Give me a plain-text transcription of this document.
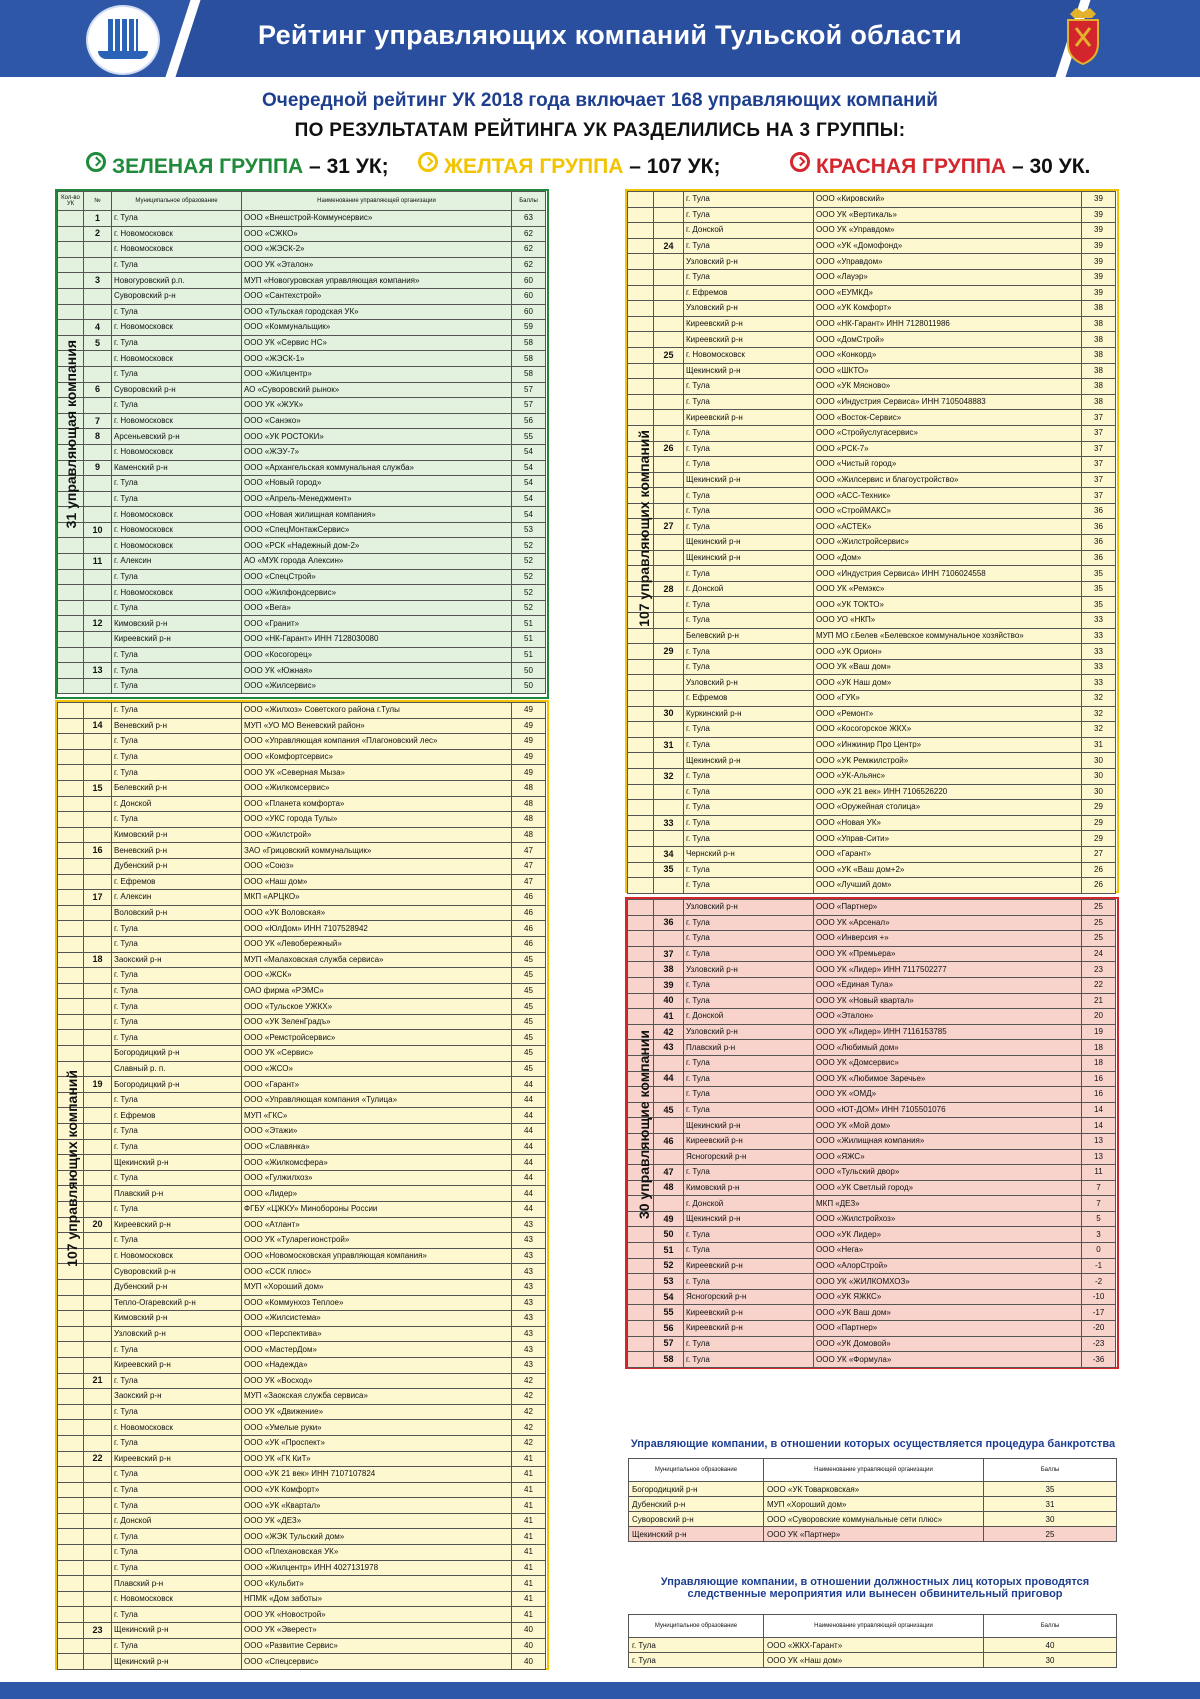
Рейтинг управляющих компаний Тульской области
Очередной рейтинг УК 2018 года включает 168 управляющих компаний
ПО РЕЗУЛЬТАТАМ РЕЙТИНГА УК РАЗДЕЛИЛИСЬ НА 3 ГРУППЫ:
ЗЕЛЕНАЯ ГРУППА – 31 УК;	ЖЕЛТАЯ ГРУППА – 107 УК;	КРАСНАЯ ГРУППА – 30 УК.
Кол-во УК	№	Муниципальное образование	Наименование управляющей организации	Баллы
	1	г. Тула	ООО «Внешстрой-Коммунсервис»	63
	2	г. Новомосковск	ООО «СЖКО»	62
		г. Новомосковск	ООО «ЖЭСК-2»	62
		г. Тула	ООО УК «Эталон»	62
	3	Новогуровский р.п.	МУП «Новогуровская управляющая компания»	60
		Суворовский р-н	ООО «Сантехстрой»	60
		г. Тула	ООО «Тульская городская УК»	60
	4	г. Новомосковск	ООО «Коммунальщик»	59
	5	г. Тула	ООО УК «Сервис НС»	58
		г. Новомосковск	ООО «ЖЭСК-1»	58
		г. Тула	ООО «Жилцентр»	58
	6	Суворовский р-н	АО «Суворовский рынок»	57
		г. Тула	ООО УК «ЖУК»	57
	7	г. Новомосковск	ООО «Санэко»	56
	8	Арсеньевский р-н	ООО «УК РОСТОКИ»	55
		г. Новомосковск	ООО «ЖЭУ-7»	54
	9	Каменский р-н	ООО «Архангельская коммунальная служба»	54
		г. Тула	ООО «Новый город»	54
		г. Тула	ООО «Апрель-Менеджмент»	54
		г. Новомосковск	ООО «Новая жилищная компания»	54
	10	г. Новомосковск	ООО «СпецМонтажСервис»	53
		г. Новомосковск	ООО «РСК «Надежный дом-2»	52
	11	г. Алексин	АО «МУК города Алексин»	52
		г. Тула	ООО «СпецСтрой»	52
		г. Новомосковск	ООО «Жилфондсервис»	52
		г. Тула	ООО «Вега»	52
	12	Кимовский р-н	ООО «Гранит»	51
		Киреевский р-н	ООО «НК-Гарант» ИНН 7128030080	51
		г. Тула	ООО «Косогорец»	51
	13	г. Тула	ООО УК «Южная»	50
		г. Тула	ООО «Жилсервис»	50
31 управляющая компания
		г. Тула	ООО «Жилхоз» Советского района г.Тулы	49
	14	Веневский р-н	МУП «УО МО Веневский район»	49
		г. Тула	ООО «Управляющая компания «Плагоновский лес»	49
		г. Тула	ООО «Комфортсервис»	49
		г. Тула	ООО УК «Северная Мыза»	49
	15	Белевский р-н	ООО «Жилкомсервис»	48
		г. Донской	ООО «Планета комфорта»	48
		г. Тула	ООО «УКС города Тулы»	48
		Кимовский р-н	ООО «Жилстрой»	48
	16	Веневский р-н	ЗАО «Грицовский коммунальщик»	47
		Дубенский р-н	ООО «Союз»	47
		г. Ефремов	ООО «Наш дом»	47
	17	г. Алексин	МКП «АРЦКО»	46
		Воловский р-н	ООО «УК Воловская»	46
		г. Тула	ООО «ЮлДом» ИНН 7107528942	46
		г. Тула	ООО УК «Левобережный»	46
	18	Заокский р-н	МУП «Малаховская служба сервиса»	45
		г. Тула	ООО «ЖСК»	45
		г. Тула	ОАО фирма «РЭМС»	45
		г. Тула	ООО «Тульское УЖКХ»	45
		г. Тула	ООО «УК ЗеленГрадъ»	45
		г. Тула	ООО «Ремстройсервис»	45
		Богородицкий р-н	ООО УК «Сервис»	45
		Славный р. п.	ООО «ЖСО»	45
	19	Богородицкий р-н	ООО «Гарант»	44
		г. Тула	ООО «Управляющая компания «Тулица»	44
		г. Ефремов	МУП «ГКС»	44
		г. Тула	ООО «Этажи»	44
		г. Тула	ООО «Славянка»	44
		Щекинский р-н	ООО «Жилкомсфера»	44
		г. Тула	ООО «Гулжилхоз»	44
		Плавский р-н	ООО «Лидер»	44
		г. Тула	ФГБУ «ЦЖКУ» Минобороны России	44
	20	Киреевский р-н	ООО «Атлант»	43
		г. Тула	ООО УК «Туларегионстрой»	43
		г. Новомосковск	ООО «Новомосковская управляющая компания»	43
		Суворовский р-н	ООО «ССК плюс»	43
		Дубенский р-н	МУП «Хороший дом»	43
		Тепло-Огаревский р-н	ООО «Коммунхоз Теплое»	43
		Кимовский р-н	ООО «Жилсистема»	43
		Узловский р-н	ООО «Перспектива»	43
		г. Тула	ООО «МастерДом»	43
		Киреевский р-н	ООО «Надежда»	43
	21	г. Тула	ООО УК «Восход»	42
		Заокский р-н	МУП «Заокская служба сервиса»	42
		г. Тула	ООО УК «Движение»	42
		г. Новомосковск	ООО «Умелые руки»	42
		г. Тула	ООО «УК «Проспект»	42
	22	Киреевский р-н	ООО УК «ГК КиТ»	41
		г. Тула	ООО «УК 21 век» ИНН 7107107824	41
		г. Тула	ООО «УК Комфорт»	41
		г. Тула	ООО «УК «Квартал»	41
		г. Донской	ООО УК «ДЕЗ»	41
		г. Тула	ООО «ЖЭК Тульский дом»	41
		г. Тула	ООО «Плехановская УК»	41
		г. Тула	ООО «Жилцентр» ИНН 4027131978	41
		Плавский р-н	ООО «Кульбит»	41
		г. Новомосковск	НПМК «Дом заботы»	41
		г. Тула	ООО УК «Новострой»	41
	23	Щекинский р-н	ООО УК «Эверест»	40
		г. Тула	ООО «Развитие Сервис»	40
		Щекинский р-н	ООО «Спецсервис»	40
107 управляющих компаний
		г. Тула	ООО «Кировский»	39
		г. Тула	ООО УК «Вертикаль»	39
		г. Донской	ООО УК «Управдом»	39
	24	г. Тула	ООО «УК «Домофонд»	39
		Узловский р-н	ООО «Управдом»	39
		г. Тула	ООО «Лауэр»	39
		г. Ефремов	ООО «ЕУМКД»	39
		Узловский р-н	ООО «УК Комфорт»	38
		Киреевский р-н	ООО «НК-Гарант» ИНН 7128011986	38
		Киреевский р-н	ООО «ДомСтрой»	38
	25	г. Новомосковск	ООО «Конкорд»	38
		Щекинский р-н	ООО «ШКТО»	38
		г. Тула	ООО «УК Мясново»	38
		г. Тула	ООО «Индустрия Сервиса» ИНН 7105048883	38
		Киреевский р-н	ООО «Восток-Сервис»	37
		г. Тула	ООО «Стройуслугасервис»	37
	26	г. Тула	ООО «РСК-7»	37
		г. Тула	ООО «Чистый город»	37
		Щекинский р-н	ООО «Жилсервис и благоустройство»	37
		г. Тула	ООО «АСС-Техник»	37
		г. Тула	ООО «СтройМАКС»	36
	27	г. Тула	ООО «АСТЕК»	36
		Щекинский р-н	ООО «Жилстройсервис»	36
		Щекинский р-н	ООО «Дом»	36
		г. Тула	ООО «Индустрия Сервиса» ИНН 7106024558	35
	28	г. Донской	ООО УК «Ремэкс»	35
		г. Тула	ООО «УК ТОКТО»	35
		г. Тула	ООО УО «НКП»	33
		Белевский р-н	МУП МО г.Белев «Белевское коммунальное хозяйство»	33
	29	г. Тула	ООО «УК Орион»	33
		г. Тула	ООО УК «Ваш дом»	33
		Узловский р-н	ООО «УК Наш дом»	33
		г. Ефремов	ООО «ГУК»	32
	30	Куркинский р-н	ООО «Ремонт»	32
		г. Тула	ООО «Косогорское ЖКХ»	32
	31	г. Тула	ООО «Инжинир Про Центр»	31
		Щекинский р-н	ООО «УК Ремжилстрой»	30
	32	г. Тула	ООО «УК-Альянс»	30
		г. Тула	ООО «УК 21 век» ИНН 7106526220	30
		г. Тула	ООО «Оружейная столица»	29
	33	г. Тула	ООО «Новая УК»	29
		г. Тула	ООО «Управ-Сити»	29
	34	Чернский р-н	ООО «Гарант»	27
	35	г. Тула	ООО «УК «Ваш дом+2»	26
		г. Тула	ООО «Лучший дом»	26
107 управляющих компаний
		Узловский р-н	ООО «Партнер»	25
	36	г. Тула	ООО УК «Арсенал»	25
		г. Тула	ООО «Инверсия +»	25
	37	г. Тула	ООО УК «Премьера»	24
	38	Узловский р-н	ООО УК «Лидер» ИНН 7117502277	23
	39	г. Тула	ООО «Единая Тула»	22
	40	г. Тула	ООО УК «Новый квартал»	21
	41	г. Донской	ООО «Эталон»	20
	42	Узловский р-н	ООО УК «Лидер» ИНН 7116153785	19
	43	Плавский р-н	ООО «Любимый дом»	18
		г. Тула	ООО УК «Домсервис»	18
	44	г. Тула	ООО УК «Любимое Заречье»	16
		г. Тула	ООО УК «ОМД»	16
	45	г. Тула	ООО «ЮТ-ДОМ» ИНН 7105501076	14
		Щекинский р-н	ООО УК «Мой дом»	14
	46	Киреевский р-н	ООО «Жилищная компания»	13
		Ясногорский р-н	ООО «ЯЖС»	13
	47	г. Тула	ООО «Тульский двор»	11
	48	Кимовский р-н	ООО «УК Светлый город»	7
		г. Донской	МКП «ДЕЗ»	7
	49	Щекинский р-н	ООО «Жилстройхоз»	5
	50	г. Тула	ООО «УК Лидер»	3
	51	г. Тула	ООО «Нега»	0
	52	Киреевский р-н	ООО «АлорСтрой»	-1
	53	г. Тула	ООО УК «ЖИЛКОМХОЗ»	-2
	54	Ясногорский р-н	ООО «УК ЯЖКС»	-10
	55	Киреевский р-н	ООО «УК Ваш дом»	-17
	56	Киреевский р-н	ООО «Партнер»	-20
	57	г. Тула	ООО «УК Домовой»	-23
	58	г. Тула	ООО УК «Формула»	-36
30 управляющие компании
Управляющие компании, в отношении которых осуществляется процедура банкротства
Муниципальное образование	Наименование управляющей организации	Баллы
Богородицкий р-н	ООО «УК Товарковская»	35
Дубенский р-н	МУП «Хороший дом»	31
Суворовский р-н	ООО «Суворовские коммунальные сети плюс»	30
Щекинский р-н	ООО УК «Партнер»	25
Управляющие компании, в отношении должностных лиц которых проводятся следственные мероприятия или вынесен обвинительный приговор
Муниципальное образование	Наименование управляющей организации	Баллы
г. Тула	ООО «ЖКХ-Гарант»	40
г. Тула	ООО УК «Наш дом»	30
